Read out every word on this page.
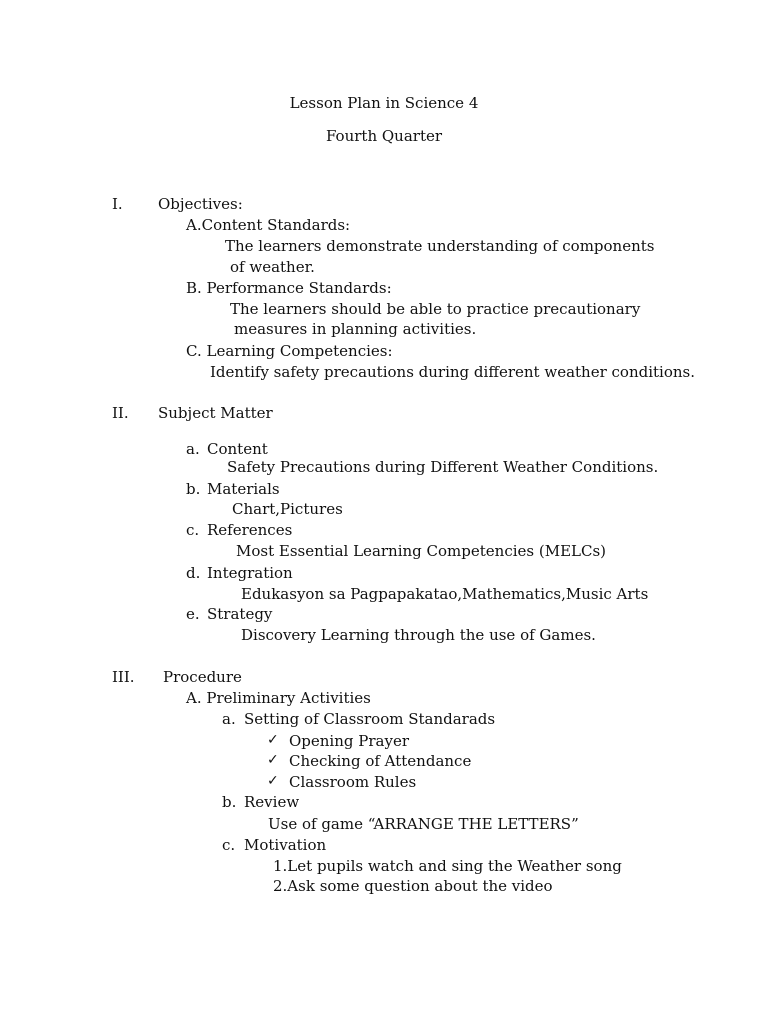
Lesson Plan in Science 4
Fourth Quarter
I. Objectives:
A.Content Standards:
The learners demonstrate understanding of components
of weather.
B. Performance Standards:
The learners should be able to practice precautionary
measures in planning activities.
C. Learning Competencies:
Identify safety precautions during different weather conditions.
II. Subject Matter
a. Content
Safety Precautions during Different Weather Conditions.
b. Materials
Chart,Pictures
c. References
Most Essential Learning Competencies (MELCs)
d. Integration
Edukasyon sa Pagpapakatao,Mathematics,Music Arts
e. Strategy
Discovery Learning through the use of Games.
III. Procedure
A. Preliminary Activities
a. Setting of Classroom Standarads
✓ Opening Prayer
✓ Checking of Attendance
✓ Classroom Rules
b. Review
Use of game “ARRANGE THE LETTERS”
c. Motivation
1.Let pupils watch and sing the Weather song
2.Ask some question about the video
